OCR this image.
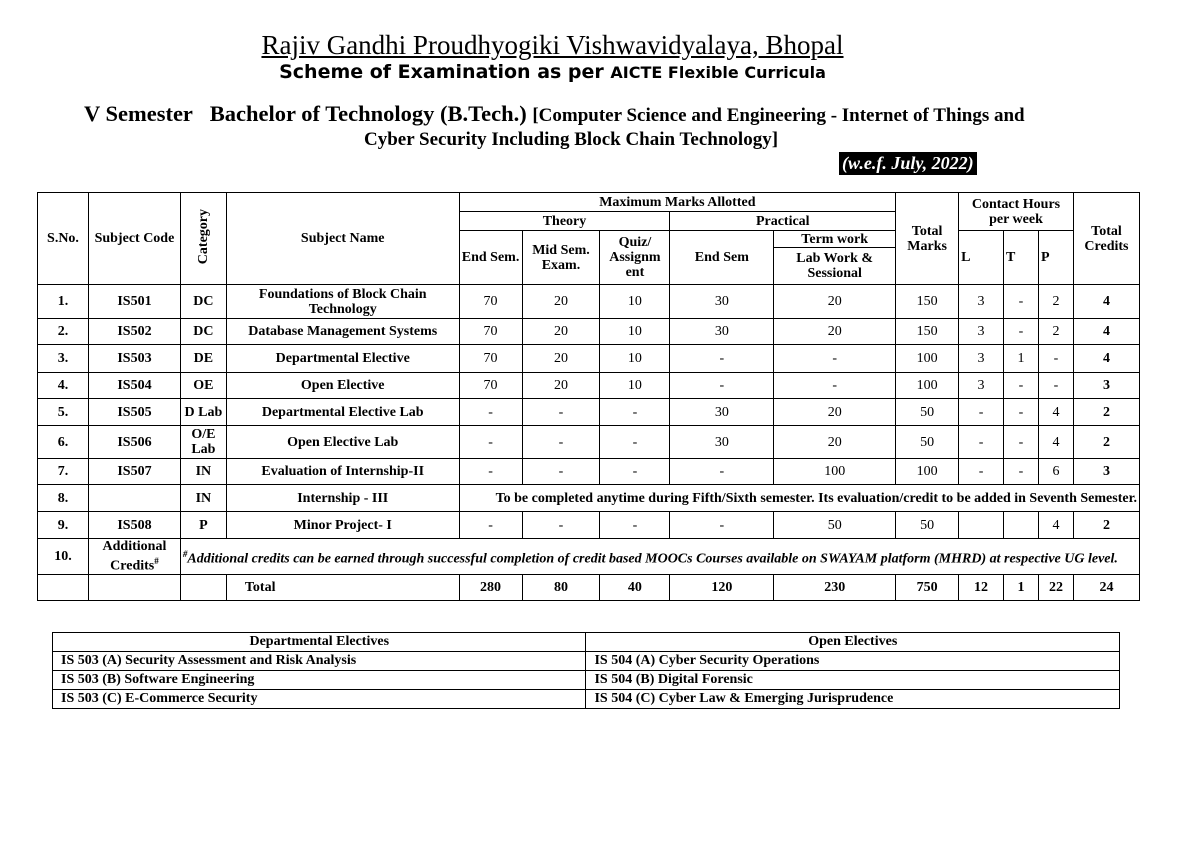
Rajiv Gandhi Proudhyogiki Vishwavidyalaya, Bhopal
Scheme of Examination as per AICTE Flexible Curricula
V Semester Bachelor of Technology (B.Tech.) [Computer Science and Engineering - Internet of Things and
Cyber Security Including Block Chain Technology]
(w.e.f. July, 2022)
S.No.	Subject Code	Category	Subject Name	Maximum Marks Allotted					Total Marks	Contact Hours per week			Total Credits
				Theory			Practical						
				End Sem.	Mid Sem. Exam.	Quiz/ Assignm ent	End Sem	Term work		L	T	P	
								Lab Work & Sessional					
1.	IS501	DC	Foundations of Block Chain Technology	70	20	10	30	20	150	3	-	2	4
2.	IS502	DC	Database Management Systems	70	20	10	30	20	150	3	-	2	4
3.	IS503	DE	Departmental Elective	70	20	10	-	-	100	3	1	-	4
4.	IS504	OE	Open Elective	70	20	10	-	-	100	3	-	-	3
5.	IS505	D Lab	Departmental Elective Lab	-	-	-	30	20	50	-	-	4	2
6.	IS506	O/E Lab	Open Elective Lab	-	-	-	30	20	50	-	-	4	2
7.	IS507	IN	Evaluation of Internship-II	-	-	-	-	100	100	-	-	6	3
8.		IN	Internship - III	To be completed anytime during Fifth/Sixth semester. Its evaluation/credit to be added in Seventh Semester.									
9.	IS508	P	Minor Project- I	-	-	-	-	50	50			4	2
10.	Additional Credits#	#Additional credits can be earned through successful completion of credit based MOOCs Courses available on SWAYAM platform (MHRD) at respective UG level.											
			Total	280	80	40	120	230	750	12	1	22	24
Departmental Electives	Open Electives
IS 503 (A) Security Assessment and Risk Analysis	IS 504 (A) Cyber Security Operations
IS 503 (B) Software Engineering	IS 504 (B) Digital Forensic
IS 503 (C) E-Commerce Security	IS 504 (C) Cyber Law & Emerging Jurisprudence
